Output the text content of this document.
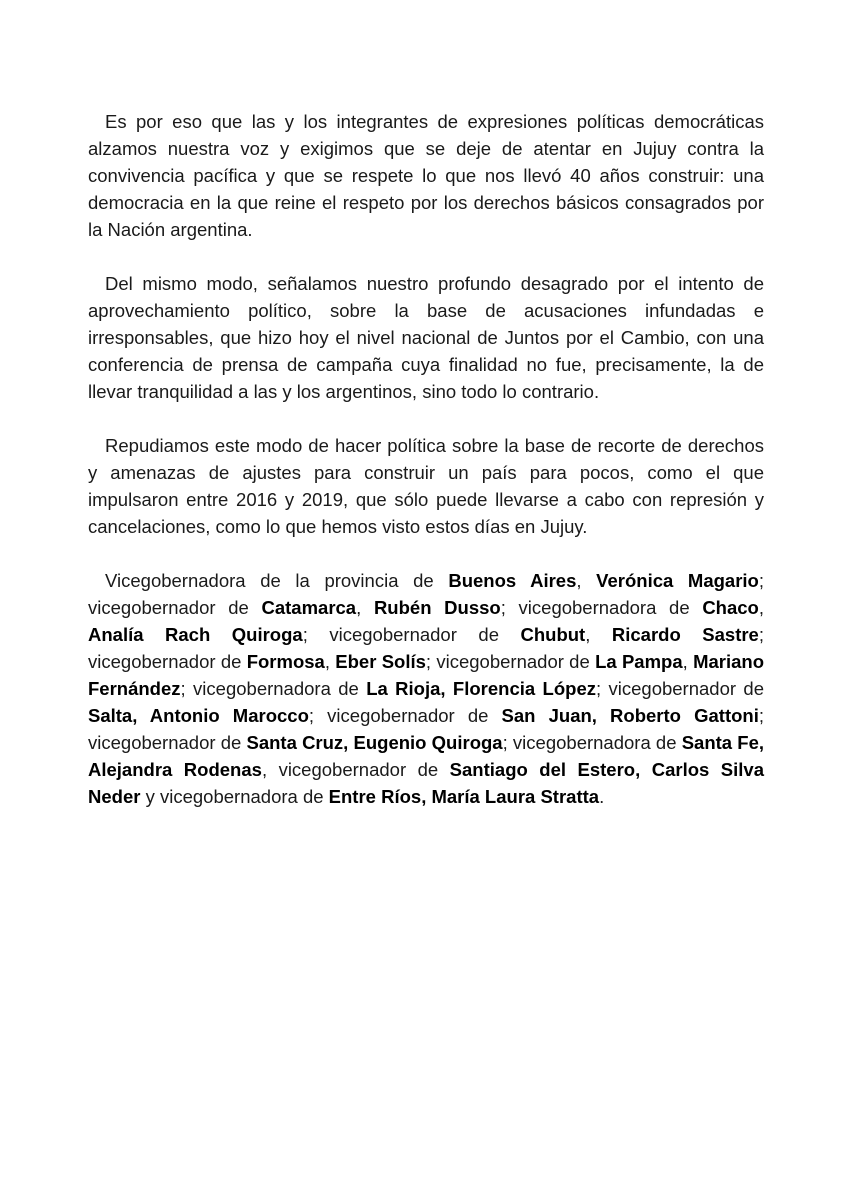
Es por eso que las y los integrantes de expresiones políticas democráticas alzamos nuestra voz y exigimos que se deje de atentar en Jujuy contra la convivencia pacífica y que se respete lo que nos llevó 40 años construir: una democracia en la que reine el respeto por los derechos básicos consagrados por la Nación argentina.

Del mismo modo, señalamos nuestro profundo desagrado por el intento de aprovechamiento político, sobre la base de acusaciones infundadas e irresponsables, que hizo hoy el nivel nacional de Juntos por el Cambio, con una conferencia de prensa de campaña cuya finalidad no fue, precisamente, la de llevar tranquilidad a las y los argentinos, sino todo lo contrario.

Repudiamos este modo de hacer política sobre la base de recorte de derechos y amenazas de ajustes para construir un país para pocos, como el que impulsaron entre 2016 y 2019, que sólo puede llevarse a cabo con represión y cancelaciones, como lo que hemos visto estos días en Jujuy.

Vicegobernadora de la provincia de Buenos Aires, Verónica Magario; vicegobernador de Catamarca, Rubén Dusso; vicegobernadora de Chaco, Analía Rach Quiroga; vicegobernador de Chubut, Ricardo Sastre; vicegobernador de Formosa, Eber Solís; vicegobernador de La Pampa, Mariano Fernández; vicegobernadora de La Rioja, Florencia López; vicegobernador de Salta, Antonio Marocco; vicegobernador de San Juan, Roberto Gattoni; vicegobernador de Santa Cruz, Eugenio Quiroga; vicegobernadora de Santa Fe, Alejandra Rodenas, vicegobernador de Santiago del Estero, Carlos Silva Neder y vicegobernadora de Entre Ríos, María Laura Stratta.
